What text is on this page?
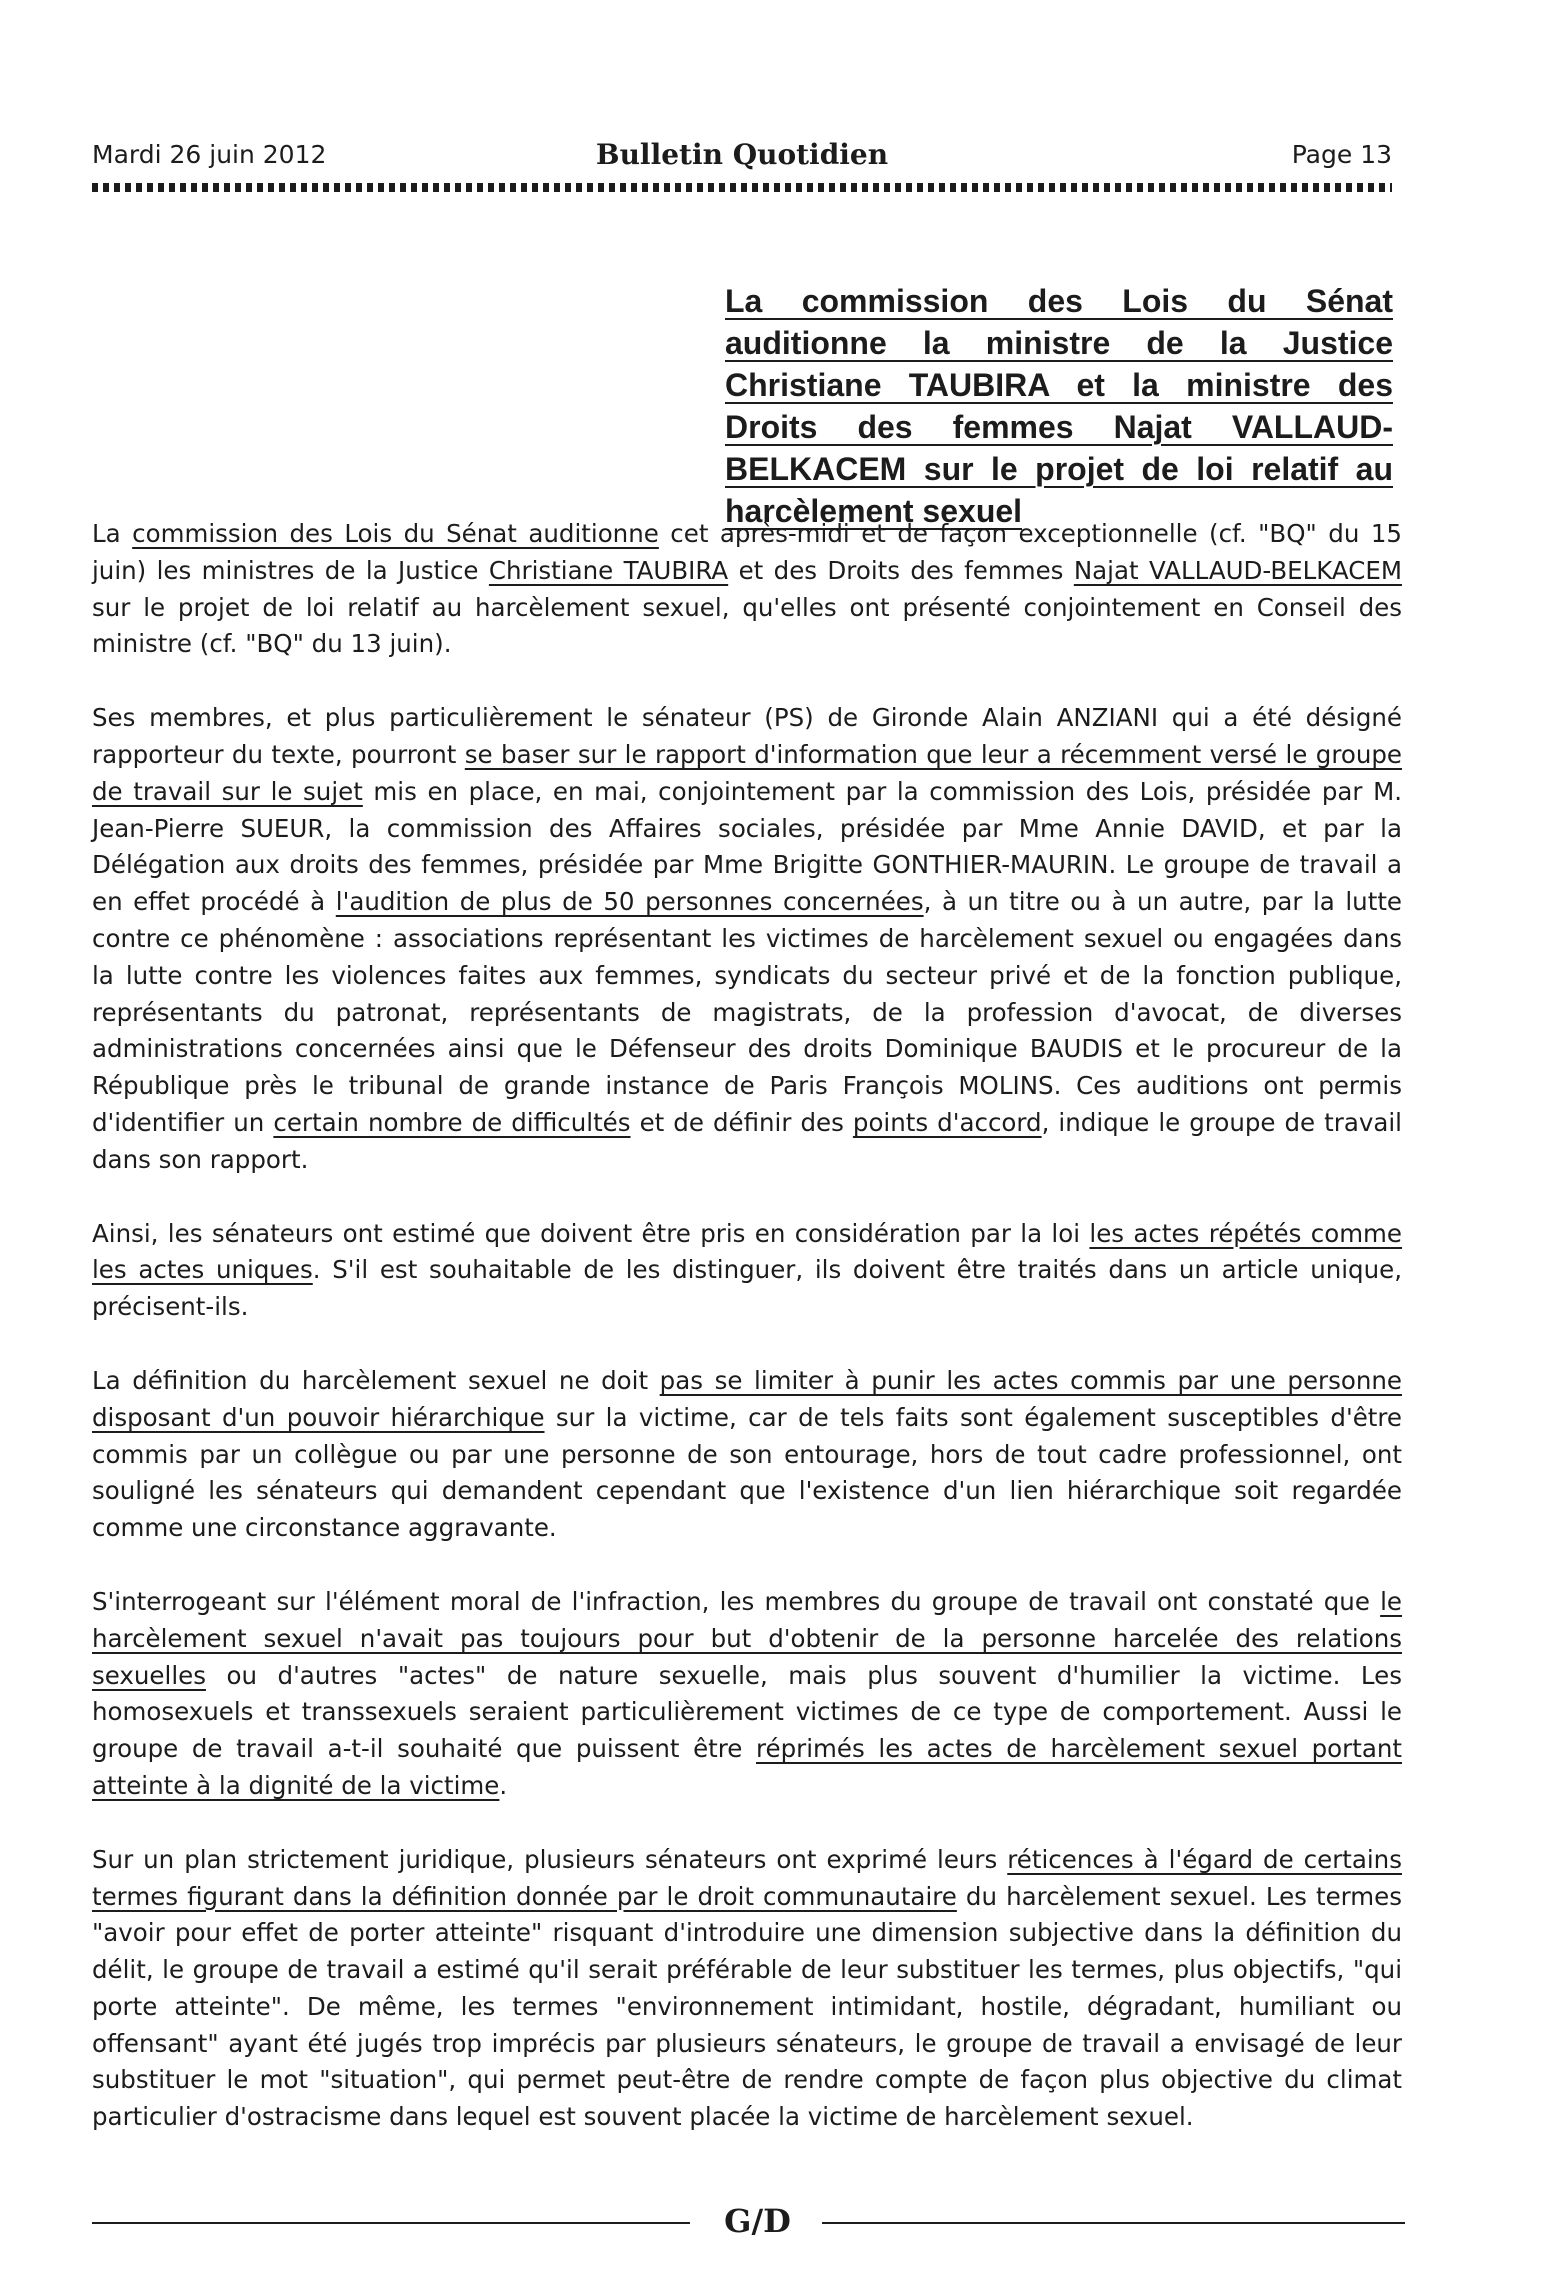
Mardi 26 juin 2012	Bulletin Quotidien	Page 13
La commission des Lois du Sénat auditionne la ministre de la Justice Christiane TAUBIRA et la ministre des Droits des femmes Najat VALLAUD-BELKACEM sur le projet de loi relatif au harcèlement sexuel

La commission des Lois du Sénat auditionne cet après-midi et de façon exceptionnelle (cf. "BQ" du 15 juin) les ministres de la Justice Christiane TAUBIRA et des Droits des femmes Najat VALLAUD-BELKACEM sur le projet de loi relatif au harcèlement sexuel, qu'elles ont présenté conjointement en Conseil des ministre (cf. "BQ" du 13 juin).

Ses membres, et plus particulièrement le sénateur (PS) de Gironde Alain ANZIANI qui a été désigné rapporteur du texte, pourront se baser sur le rapport d'information que leur a récemment versé le groupe de travail sur le sujet mis en place, en mai, conjointement par la commission des Lois, présidée par M. Jean-Pierre SUEUR, la commission des Affaires sociales, présidée par Mme Annie DAVID, et par la Délégation aux droits des femmes, présidée par Mme Brigitte GONTHIER-MAURIN. Le groupe de travail a en effet procédé à l'audition de plus de 50 personnes concernées, à un titre ou à un autre, par la lutte contre ce phénomène : associations représentant les victimes de harcèlement sexuel ou engagées dans la lutte contre les violences faites aux femmes, syndicats du secteur privé et de la fonction publique, représentants du patronat, représentants de magistrats, de la profession d'avocat, de diverses administrations concernées ainsi que le Défenseur des droits Dominique BAUDIS et le procureur de la République près le tribunal de grande instance de Paris François MOLINS. Ces auditions ont permis d'identifier un certain nombre de difficultés et de définir des points d'accord, indique le groupe de travail dans son rapport.

Ainsi, les sénateurs ont estimé que doivent être pris en considération par la loi les actes répétés comme les actes uniques. S'il est souhaitable de les distinguer, ils doivent être traités dans un article unique, précisent-ils.

La définition du harcèlement sexuel ne doit pas se limiter à punir les actes commis par une personne disposant d'un pouvoir hiérarchique sur la victime, car de tels faits sont également susceptibles d'être commis par un collègue ou par une personne de son entourage, hors de tout cadre professionnel, ont souligné les sénateurs qui demandent cependant que l'existence d'un lien hiérarchique soit regardée comme une circonstance aggravante.

S'interrogeant sur l'élément moral de l'infraction, les membres du groupe de travail ont constaté que le harcèlement sexuel n'avait pas toujours pour but d'obtenir de la personne harcelée des relations sexuelles ou d'autres "actes" de nature sexuelle, mais plus souvent d'humilier la victime. Les homosexuels et transsexuels seraient particulièrement victimes de ce type de comportement. Aussi le groupe de travail a-t-il souhaité que puissent être réprimés les actes de harcèlement sexuel portant atteinte à la dignité de la victime.

Sur un plan strictement juridique, plusieurs sénateurs ont exprimé leurs réticences à l'égard de certains termes figurant dans la définition donnée par le droit communautaire du harcèlement sexuel. Les termes "avoir pour effet de porter atteinte" risquant d'introduire une dimension subjective dans la définition du délit, le groupe de travail a estimé qu'il serait préférable de leur substituer les termes, plus objectifs, "qui porte atteinte". De même, les termes "environnement intimidant, hostile, dégradant, humiliant ou offensant" ayant été jugés trop imprécis par plusieurs sénateurs, le groupe de travail a envisagé de leur substituer le mot "situation", qui permet peut-être de rendre compte de façon plus objective du climat particulier d'ostracisme dans lequel est souvent placée la victime de harcèlement sexuel.

G/D
